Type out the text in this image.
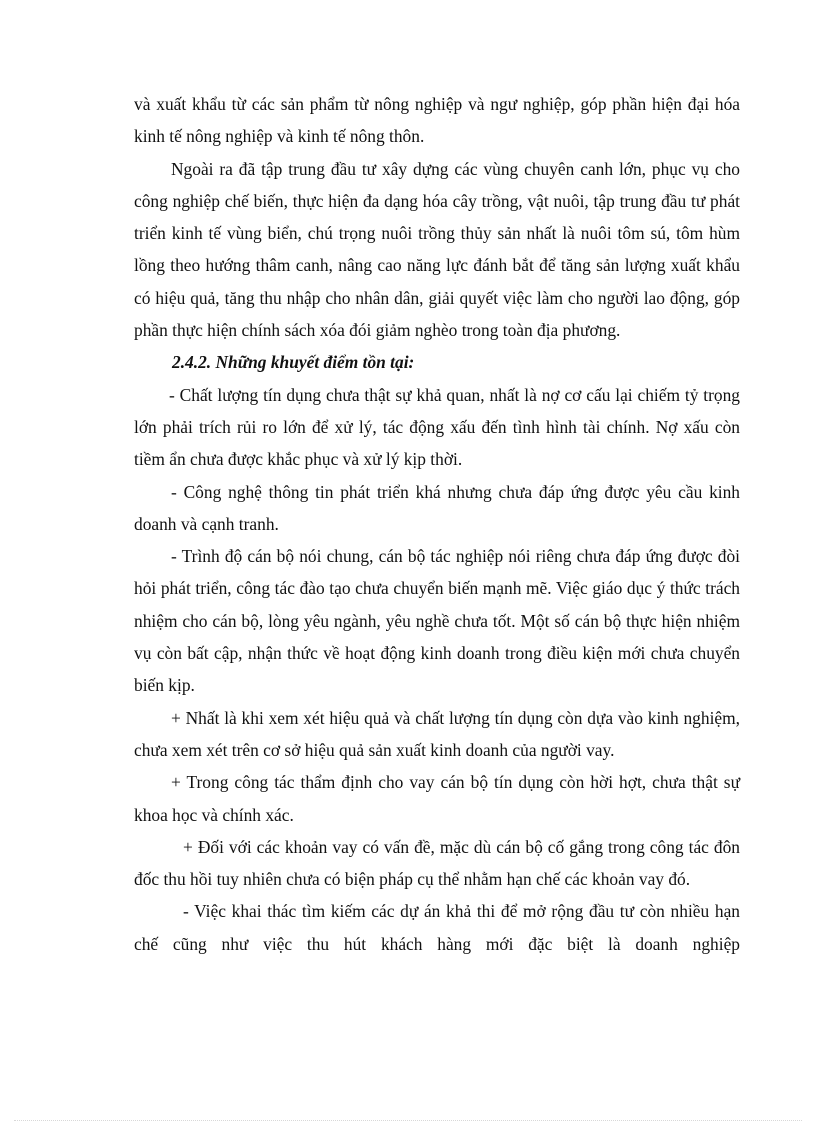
và xuất khẩu từ các sản phẩm từ nông nghiệp và ngư nghiệp, góp phần hiện đại hóa kinh tế nông nghiệp và kinh tế nông thôn.

Ngoài ra đã tập trung đầu tư xây dựng các vùng chuyên canh lớn, phục vụ cho công nghiệp chế biến, thực hiện đa dạng hóa cây trồng, vật nuôi, tập trung đầu tư phát triển kinh tế vùng biển, chú trọng nuôi trồng thủy sản nhất là nuôi tôm sú, tôm hùm lồng theo hướng thâm canh, nâng cao năng lực đánh bắt để tăng sản lượng xuất khẩu có hiệu quả, tăng thu nhập cho nhân dân, giải quyết việc làm cho người lao động, góp phần thực hiện chính sách xóa đói giảm nghèo trong toàn địa phương.

2.4.2. Những khuyết điểm tồn tại:

- Chất lượng tín dụng chưa thật sự khả quan, nhất là nợ cơ cấu lại chiếm tỷ trọng lớn phải trích rủi ro lớn để xử lý, tác động xấu đến tình hình tài chính. Nợ xấu còn tiềm ẩn chưa được khắc phục và xử lý kịp thời.

- Công nghệ thông tin phát triển khá nhưng chưa đáp ứng được yêu cầu kinh doanh và cạnh tranh.

- Trình độ cán bộ nói chung, cán bộ tác nghiệp nói riêng chưa đáp ứng được đòi hỏi phát triển, công tác đào tạo chưa chuyển biến mạnh mẽ. Việc giáo dục ý thức trách nhiệm cho cán bộ, lòng yêu ngành, yêu nghề chưa tốt. Một số cán bộ thực hiện nhiệm vụ còn bất cập, nhận thức về hoạt động kinh doanh trong điều kiện mới chưa chuyển biến kịp.

+ Nhất là khi xem xét hiệu quả và chất lượng tín dụng còn dựa vào kinh nghiệm, chưa xem xét trên cơ sở hiệu quả sản xuất kinh doanh của người vay.

+ Trong công tác thẩm định cho vay cán bộ tín dụng còn hời hợt, chưa thật sự khoa học và chính xác.

+ Đối với các khoản vay có vấn đề, mặc dù cán bộ cố gắng trong công tác đôn đốc thu hồi tuy nhiên chưa có biện pháp cụ thể nhằm hạn chế các khoản vay đó.

- Việc khai thác tìm kiếm các dự án khả thi để mở rộng đầu tư còn nhiều hạn chế cũng như việc thu hút khách hàng mới đặc biệt là doanh nghiệp
